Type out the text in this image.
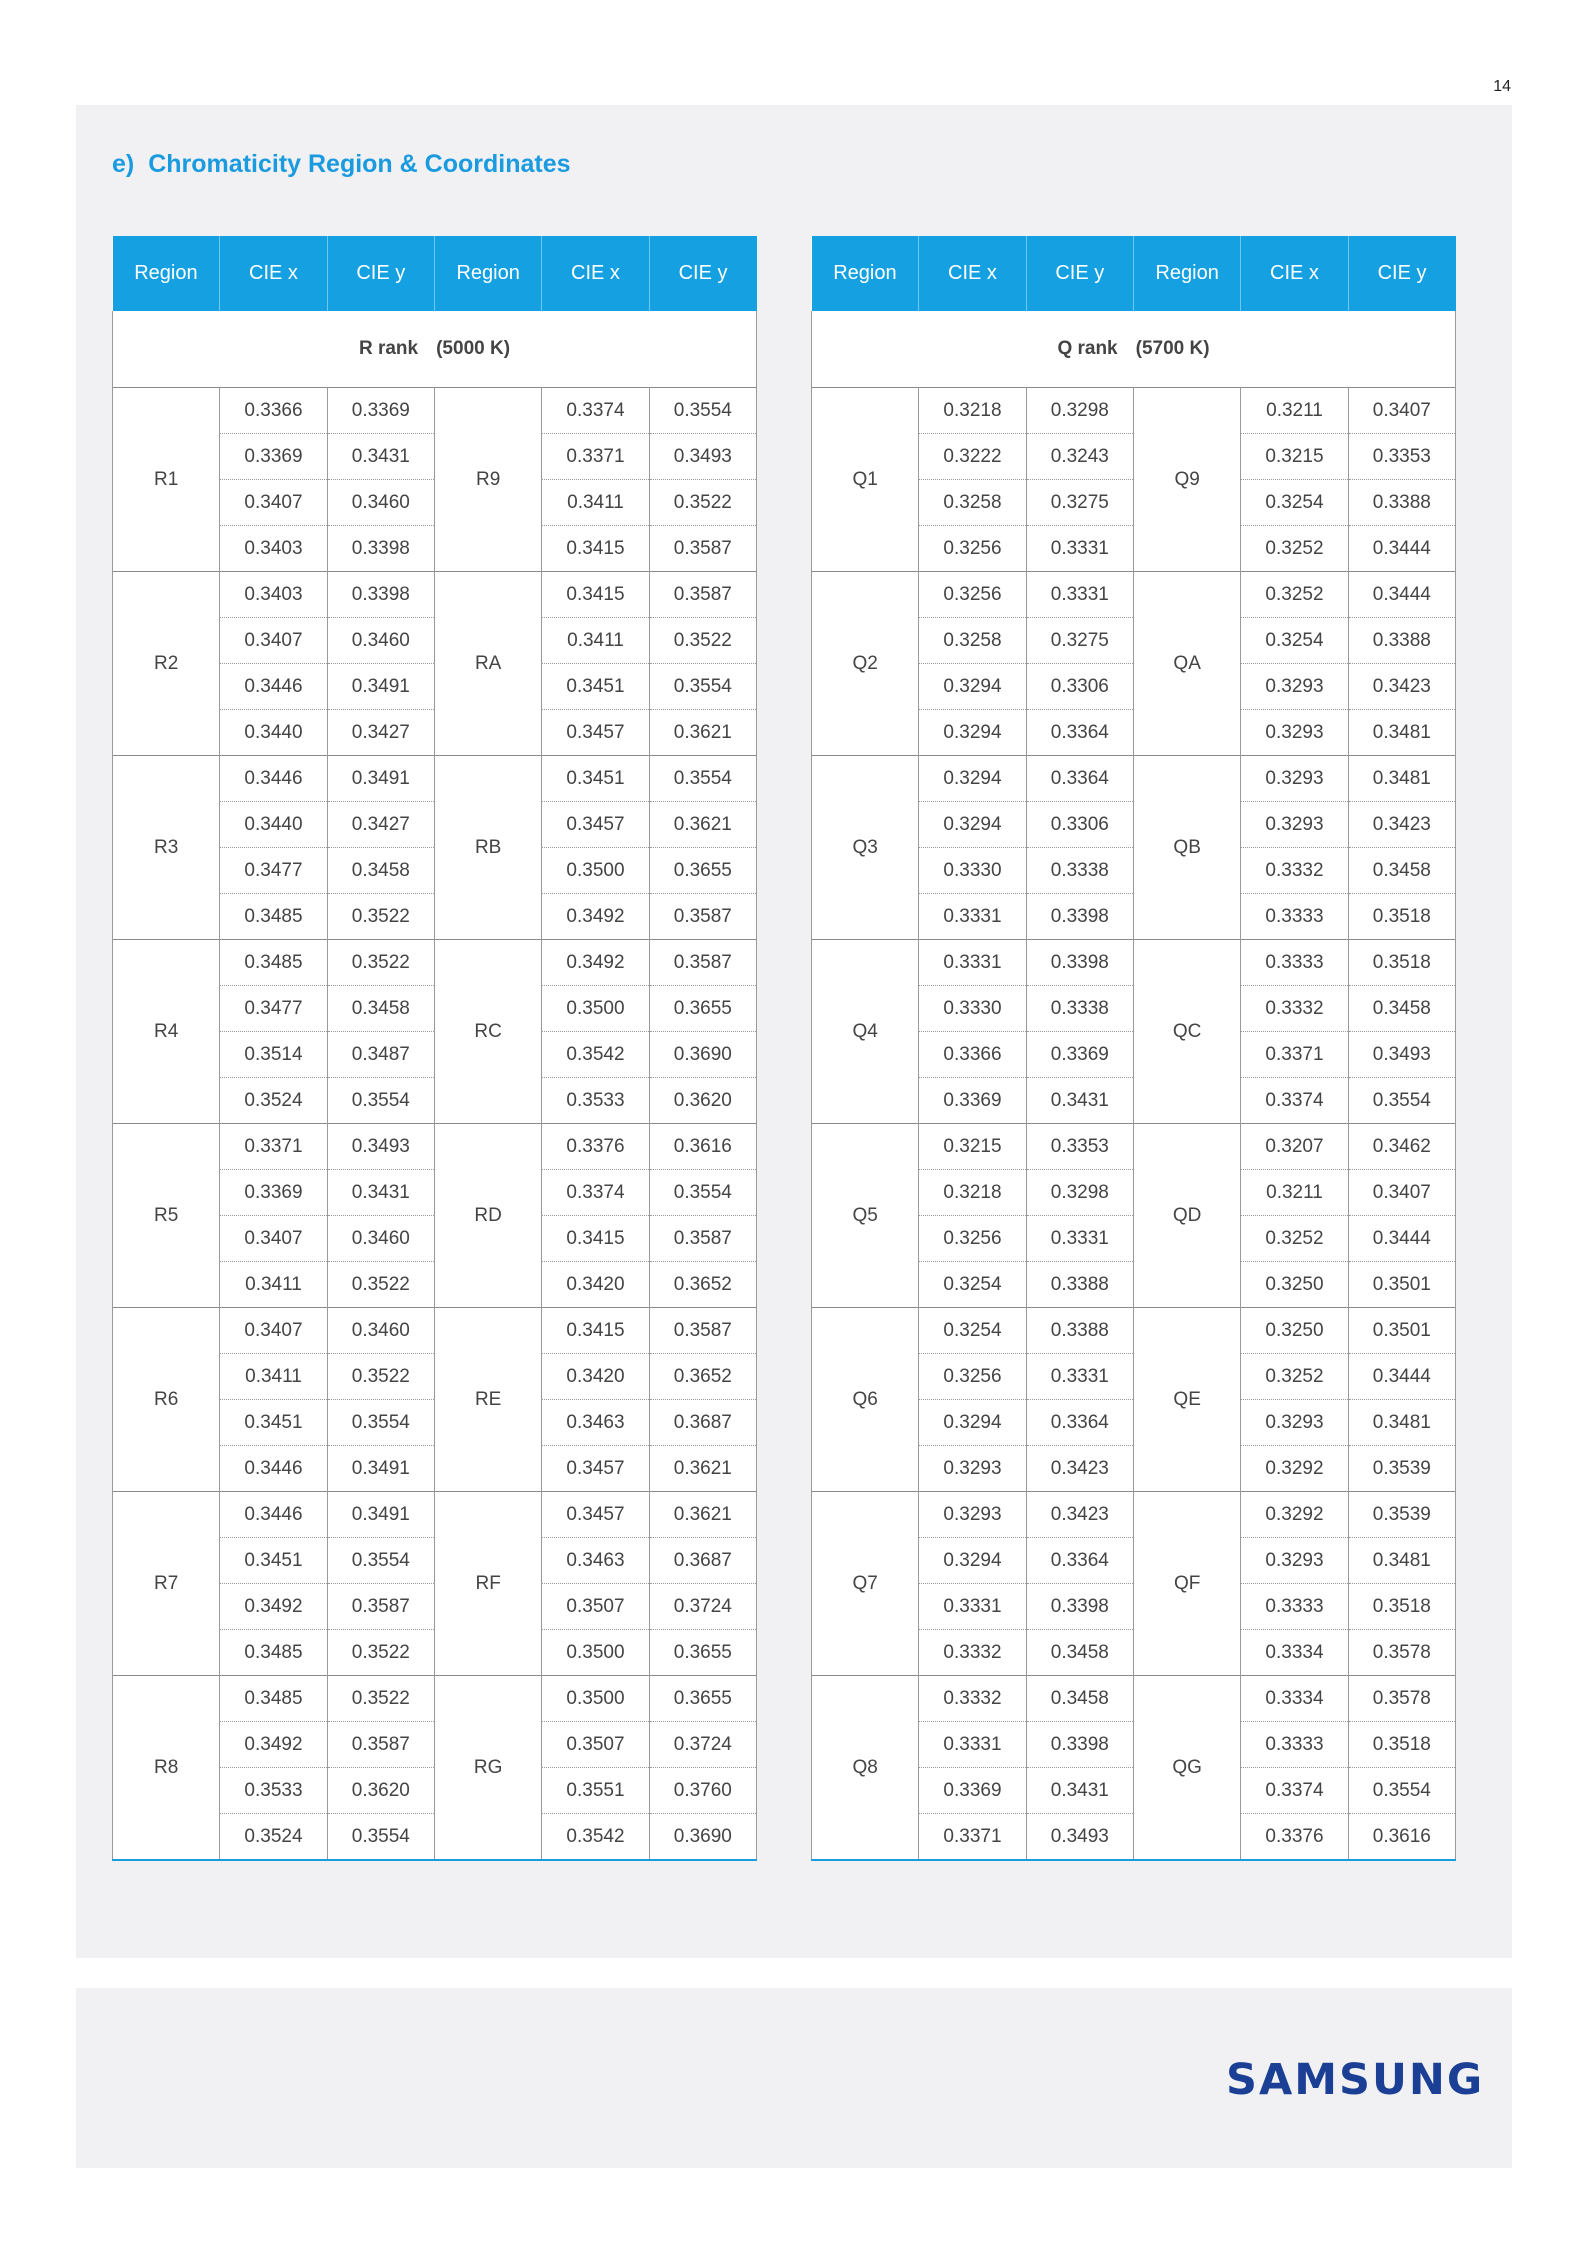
14
e) Chromaticity Region & Coordinates
Region	CIE x	CIE y	Region	CIE x	CIE y
R rank (5000 K)					
R1	0.3366	0.3369	R9	0.3374	0.3554
	0.3369	0.3431		0.3371	0.3493
	0.3407	0.3460		0.3411	0.3522
	0.3403	0.3398		0.3415	0.3587
R2	0.3403	0.3398	RA	0.3415	0.3587
	0.3407	0.3460		0.3411	0.3522
	0.3446	0.3491		0.3451	0.3554
	0.3440	0.3427		0.3457	0.3621
R3	0.3446	0.3491	RB	0.3451	0.3554
	0.3440	0.3427		0.3457	0.3621
	0.3477	0.3458		0.3500	0.3655
	0.3485	0.3522		0.3492	0.3587
R4	0.3485	0.3522	RC	0.3492	0.3587
	0.3477	0.3458		0.3500	0.3655
	0.3514	0.3487		0.3542	0.3690
	0.3524	0.3554		0.3533	0.3620
R5	0.3371	0.3493	RD	0.3376	0.3616
	0.3369	0.3431		0.3374	0.3554
	0.3407	0.3460		0.3415	0.3587
	0.3411	0.3522		0.3420	0.3652
R6	0.3407	0.3460	RE	0.3415	0.3587
	0.3411	0.3522		0.3420	0.3652
	0.3451	0.3554		0.3463	0.3687
	0.3446	0.3491		0.3457	0.3621
R7	0.3446	0.3491	RF	0.3457	0.3621
	0.3451	0.3554		0.3463	0.3687
	0.3492	0.3587		0.3507	0.3724
	0.3485	0.3522		0.3500	0.3655
R8	0.3485	0.3522	RG	0.3500	0.3655
	0.3492	0.3587		0.3507	0.3724
	0.3533	0.3620		0.3551	0.3760
	0.3524	0.3554		0.3542	0.3690
Region	CIE x	CIE y	Region	CIE x	CIE y
Q rank (5700 K)					
Q1	0.3218	0.3298	Q9	0.3211	0.3407
	0.3222	0.3243		0.3215	0.3353
	0.3258	0.3275		0.3254	0.3388
	0.3256	0.3331		0.3252	0.3444
Q2	0.3256	0.3331	QA	0.3252	0.3444
	0.3258	0.3275		0.3254	0.3388
	0.3294	0.3306		0.3293	0.3423
	0.3294	0.3364		0.3293	0.3481
Q3	0.3294	0.3364	QB	0.3293	0.3481
	0.3294	0.3306		0.3293	0.3423
	0.3330	0.3338		0.3332	0.3458
	0.3331	0.3398		0.3333	0.3518
Q4	0.3331	0.3398	QC	0.3333	0.3518
	0.3330	0.3338		0.3332	0.3458
	0.3366	0.3369		0.3371	0.3493
	0.3369	0.3431		0.3374	0.3554
Q5	0.3215	0.3353	QD	0.3207	0.3462
	0.3218	0.3298		0.3211	0.3407
	0.3256	0.3331		0.3252	0.3444
	0.3254	0.3388		0.3250	0.3501
Q6	0.3254	0.3388	QE	0.3250	0.3501
	0.3256	0.3331		0.3252	0.3444
	0.3294	0.3364		0.3293	0.3481
	0.3293	0.3423		0.3292	0.3539
Q7	0.3293	0.3423	QF	0.3292	0.3539
	0.3294	0.3364		0.3293	0.3481
	0.3331	0.3398		0.3333	0.3518
	0.3332	0.3458		0.3334	0.3578
Q8	0.3332	0.3458	QG	0.3334	0.3578
	0.3331	0.3398		0.3333	0.3518
	0.3369	0.3431		0.3374	0.3554
	0.3371	0.3493		0.3376	0.3616
SAMSUNG
